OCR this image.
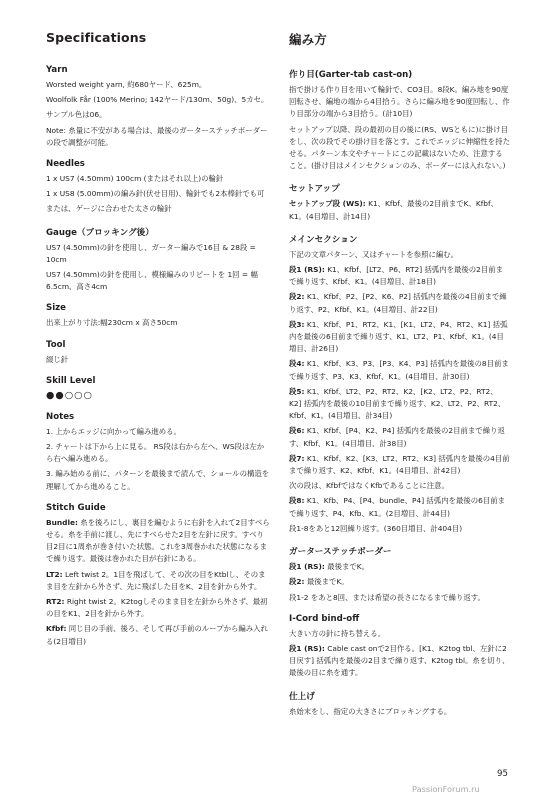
Specifications
Yarn

Worsted weight yarn, 約680ヤード、625m。

Woolfolk Får (100% Merino; 142ヤード/130m、50g)、5カセ。

サンプル色は06。

Note: 糸量に不安がある場合は、最後のガーターステッチボーダーの段で調整が可能。

Needles

1 x US7 (4.50mm) 100cm (またはそれ以上)の輪針

1 x US8 (5.00mm)の編み針(伏せ目用)、輪針でも2本棒針でも可

または、ゲージに合わせた太さの輪針

Gauge（ブロッキング後）

US7 (4.50mm)の針を使用し、ガーター編みで16目 & 28段 = 10cm

US7 (4.50mm)の針を使用し、模様編みのリピートを 1回 = 幅6.5cm、高さ4cm

Size

出来上がり寸法:幅230cm x 高さ50cm

Tool

綴じ針

Skill Level
●●○○○
Notes

1. 上からエッジに向かって編み進める。

2. チャートは下から上に見る。 RS段は右から左へ、WS段は左から右へ編み進める。

3. 編み始める前に、パターンを最後まで読んで、ショールの構造を理解してから進めること。

Stitch Guide

Bundle: 糸を後ろにし、裏目を編むように右針を入れて2目すべらせる。糸を手前に渡し、先にすべらせた2目を左針に戻す。すべり目2目に1周糸が巻き付いた状態。これを3周巻かれた状態になるまで繰り返す。最後は巻かれた目が右針にある。

LT2: Left twist 2。1目を飛ばして、その次の目をKtblし、そのまま目を左針から外さず、先に飛ばした目をK、2目を針から外す。

RT2: Right twist 2。K2togしそのまま目を左針から外さず、最初の目をK1、2目を針から外す。

Kfbf: 同じ目の手前、後ろ、そして再び手前のループから編み入れる(2目増目)

編み方
作り目(Garter-tab cast-on)

指で掛ける作り目を用いて輪針で、CO3目。8段K。編み地を90度回転させ、編地の端から4目拾う。さらに編み地を90度回転し、作り目部分の端から3目拾う。(計10目)

セットアップ以降、段の最初の目の後に(RS、WSともに)に掛け目をし、次の段でその掛け目を落とす。これでエッジに伸縮性を持たせる。パターン本文やチャートにこの記載はないため、注意すること。(掛け目はメインセクションのみ、ボーダーには入れない。)

セットアップ

セットアップ段 (WS): K1、Kfbf、最後の2目前までK、Kfbf、K1。(4目増目、計14目)

メインセクション

下記の文章パターン、又はチャートを参照に編む。

段1 (RS): K1、Kfbf、[LT2、P6、RT2] 括弧内を最後の2目前まで繰り返す、Kfbf、K1。(4目増目、計18目)

段2: K1、Kfbf、P2、[P2、K6、P2] 括弧内を最後の4目前まで繰り返す、P2、Kfbf、K1。(4目増目、計22目)

段3: K1、Kfbf、P1、RT2、K1、[K1、LT2、P4、RT2、K1] 括弧内を最後の6目前まで繰り返す、K1、LT2、P1、Kfbf、K1。(4目増目、計26目)

段4: K1、Kfbf、K3、P3、[P3、K4、P3] 括弧内を最後の8目前まで繰り返す、P3、K3、Kfbf、K1。(4目増目、計30目)

段5: K1、Kfbf、LT2、P2、RT2、K2、[K2、LT2、P2、RT2、K2] 括弧内を最後の10目前まで繰り返す、K2、LT2、P2、RT2、Kfbf、K1。(4目増目、計34目)

段6: K1、Kfbf、[P4、K2、P4] 括弧内を最後の2目前まで繰り返す、Kfbf、K1。(4目増目、計38目)

段7: K1、Kfbf、K2、[K3、LT2、RT2、K3] 括弧内を最後の4目前まで繰り返す、K2、Kfbf、K1。(4目増目、計42目)

次の段は、KfbfではなくKfbであることに注意。

段8: K1、Kfb、P4、[P4、bundle、P4] 括弧内を最後の6目前まで繰り返す、P4、Kfb、K1。(2目増目、計44目)

段1-8をあと12回繰り返す。(360目増目、計404目)

ガーターステッチボーダー

段1 (RS): 最後までK。

段2: 最後までK。

段1-2 をあと8回、または希望の長さになるまで繰り返す。

I-Cord bind-off

大きい方の針に持ち替える。

段1 (RS): Cable cast onで2目作る。[K1、K2tog tbl、左針に2目戻す] 括弧内を最後の2目まで繰り返す、K2tog tbl。糸を切り、最後の目に糸を通す。

仕上げ

糸始末をし、指定の大きさにブロッキングする。

95
PassionForum.ru
